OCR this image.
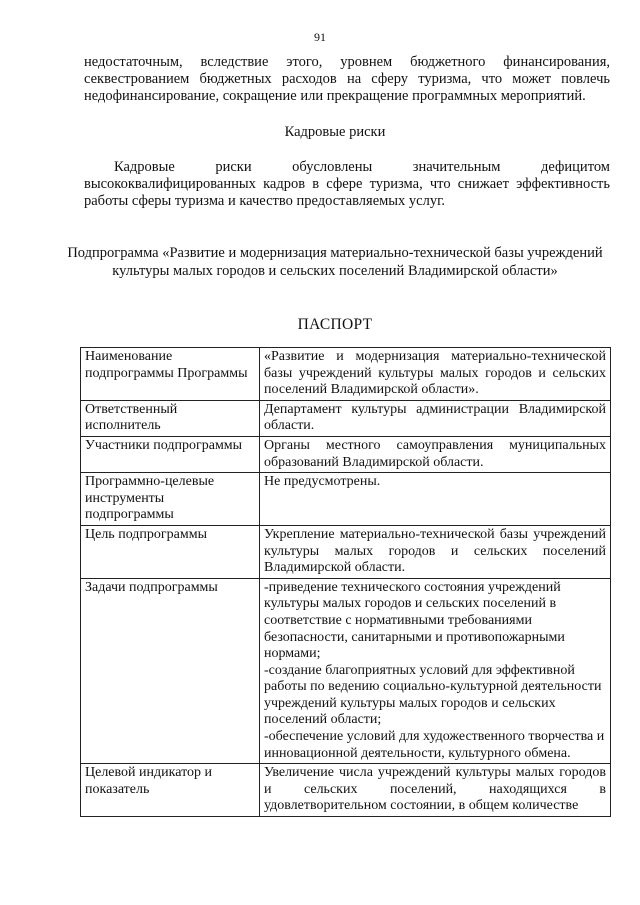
91
недостаточным, вследствие этого, уровнем бюджетного финансирования, секвестрованием бюджетных расходов на сферу туризма, что может повлечь недофинансирование, сокращение или прекращение программных мероприятий.
Кадровые риски
Кадровые риски обусловлены значительным дефицитом высококвалифицированных кадров в сфере туризма, что снижает эффективность работы сферы туризма и качество предоставляемых услуг.
Подпрограмма «Развитие и модернизация материально-технической базы учреждений культуры малых городов и сельских поселений Владимирской области»
ПАСПОРТ
Наименование подпрограммы Программы	«Развитие и модернизация материально-технической базы учреждений культуры малых городов и сельских поселений Владимирской области».
Ответственный исполнитель	Департамент культуры администрации Владимирской области.
Участники подпрограммы	Органы местного самоуправления муниципальных образований Владимирской области.
Программно-целевые инструменты подпрограммы	Не предусмотрены.
Цель подпрограммы	Укрепление материально-технической базы учреждений культуры малых городов и сельских поселений Владимирской области.
Задачи подпрограммы	-приведение технического состояния учреждений культуры малых городов и сельских поселений в соответствие с нормативными требованиями безопасности, санитарными и противопожарными нормами;
-создание благоприятных условий для эффективной работы по ведению социально-культурной деятельности учреждений культуры малых городов и сельских поселений области;
-обеспечение условий для художественного творчества и инновационной деятельности, культурного обмена.

Целевой индикатор и показатель	Увеличение числа учреждений культуры малых городов и сельских поселений, находящихся в удовлетворительном состоянии, в общем количестве
